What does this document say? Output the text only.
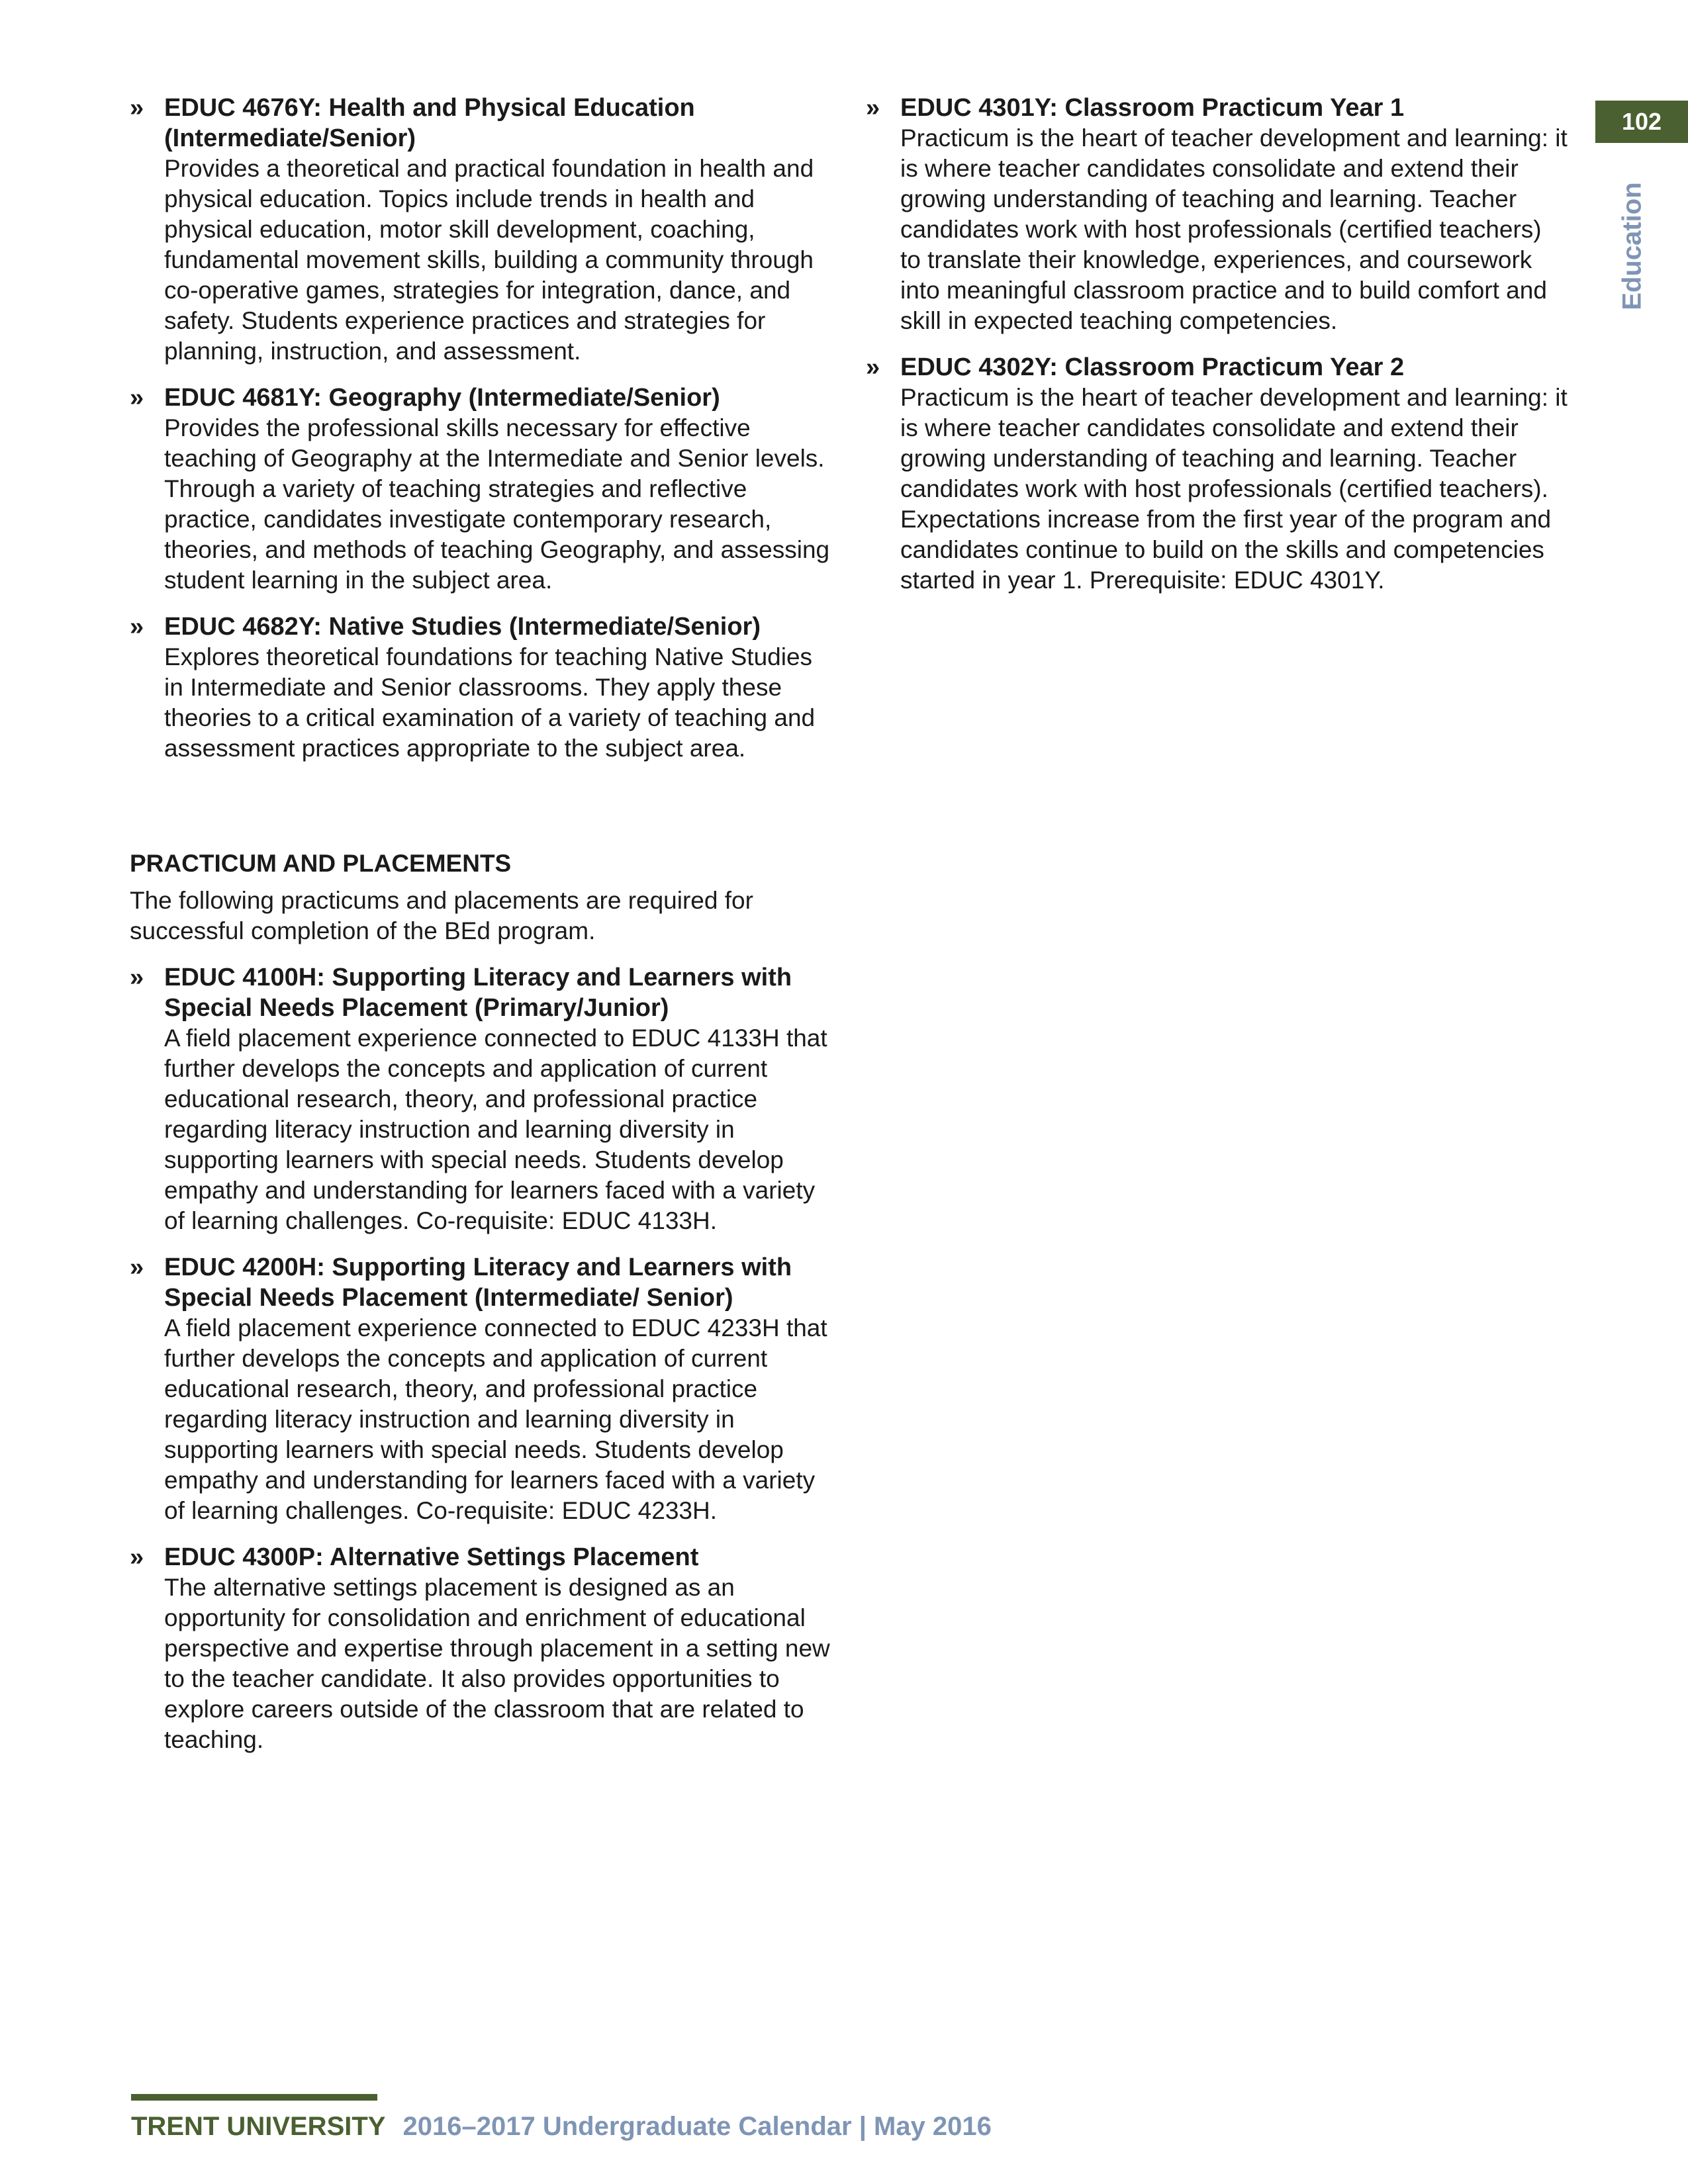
102
Education
» EDUC 4676Y: Health and Physical Education (Intermediate/Senior)
Provides a theoretical and practical foundation in health and physical education. Topics include trends in health and physical education, motor skill development, coaching, fundamental movement skills, building a community through co-operative games, strategies for integration, dance, and safety. Students experience practices and strategies for planning, instruction, and assessment.
» EDUC 4681Y: Geography (Intermediate/Senior)
Provides the professional skills necessary for effective teaching of Geography at the Intermediate and Senior levels. Through a variety of teaching strategies and reflective practice, candidates investigate contemporary research, theories, and methods of teaching Geography, and assessing student learning in the subject area.
» EDUC 4682Y: Native Studies (Intermediate/Senior)
Explores theoretical foundations for teaching Native Studies in Intermediate and Senior classrooms. They apply these theories to a critical examination of a variety of teaching and assessment practices appropriate to the subject area.
PRACTICUM AND PLACEMENTS
The following practicums and placements are required for successful completion of the BEd program.
» EDUC 4100H: Supporting Literacy and Learners with Special Needs Placement (Primary/Junior)
A field placement experience connected to EDUC 4133H that further develops the concepts and application of current educational research, theory, and professional practice regarding literacy instruction and learning diversity in supporting learners with special needs. Students develop empathy and understanding for learners faced with a variety of learning challenges. Co-requisite: EDUC 4133H.
» EDUC 4200H: Supporting Literacy and Learners with Special Needs Placement (Intermediate/ Senior)
A field placement experience connected to EDUC 4233H that further develops the concepts and application of current educational research, theory, and professional practice regarding literacy instruction and learning diversity in supporting learners with special needs. Students develop empathy and understanding for learners faced with a variety of learning challenges. Co-requisite: EDUC 4233H.
» EDUC 4300P: Alternative Settings Placement
The alternative settings placement is designed as an opportunity for consolidation and enrichment of educational perspective and expertise through placement in a setting new to the teacher candidate. It also provides opportunities to explore careers outside of the classroom that are related to teaching.
» EDUC 4301Y: Classroom Practicum Year 1
Practicum is the heart of teacher development and learning: it is where teacher candidates consolidate and extend their growing understanding of teaching and learning. Teacher candidates work with host professionals (certified teachers) to translate their knowledge, experiences, and coursework into meaningful classroom practice and to build comfort and skill in expected teaching competencies.
» EDUC 4302Y: Classroom Practicum Year 2
Practicum is the heart of teacher development and learning: it is where teacher candidates consolidate and extend their growing understanding of teaching and learning. Teacher candidates work with host professionals (certified teachers). Expectations increase from the first year of the program and candidates continue to build on the skills and competencies started in year 1. Prerequisite: EDUC 4301Y.
TRENT UNIVERSITY 2016–2017 Undergraduate Calendar | May 2016
